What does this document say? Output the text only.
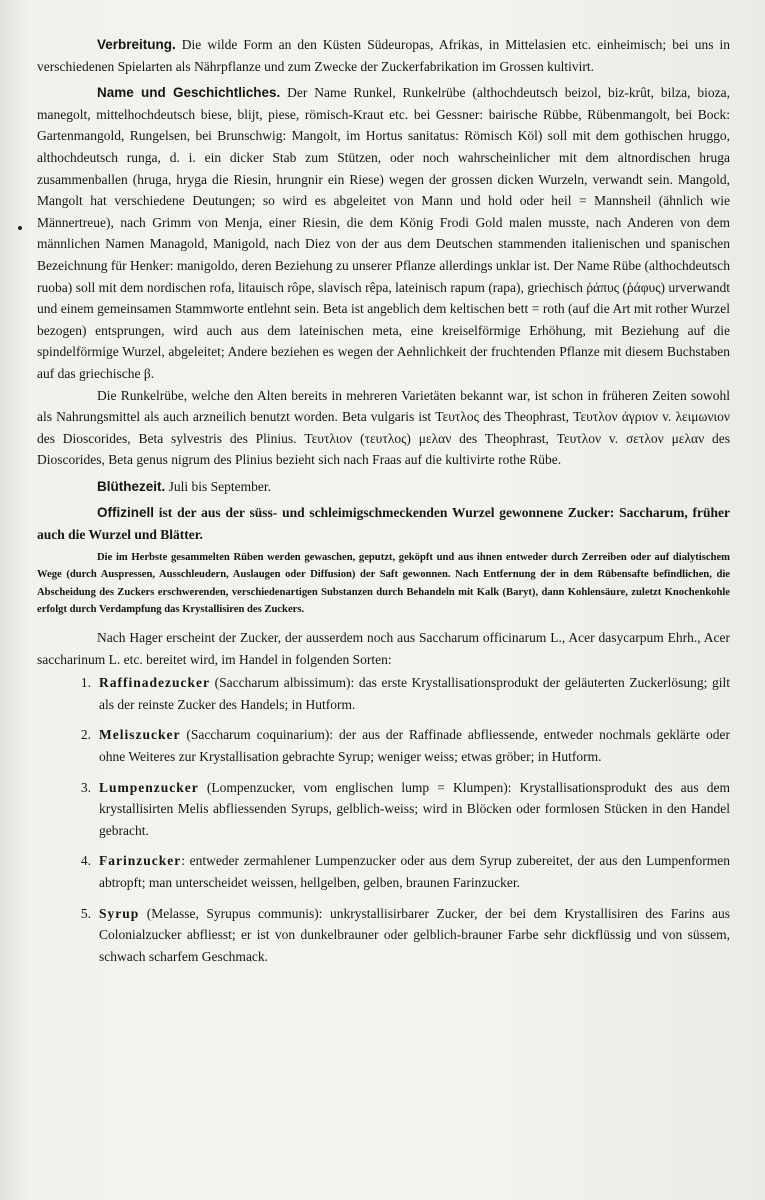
Verbreitung. Die wilde Form an den Küsten Südeuropas, Afrikas, in Mittelasien etc. einheimisch; bei uns in verschiedenen Spielarten als Nährpflanze und zum Zwecke der Zuckerfabrikation im Grossen kultivirt.

Name und Geschichtliches. Der Name Runkel, Runkelrübe (althochdeutsch beizol, biz-krût, bilza, bioza, manegolt, mittelhochdeutsch biese, blijt, piese, römisch-Kraut etc. bei Gessner: bairische Rübbe, Rübenmangolt, bei Bock: Gartenmangold, Rungelsen, bei Brunschwig: Mangolt, im Hortus sanitatus: Römisch Köl) soll mit dem gothischen hruggo, althochdeutsch runga, d. i. ein dicker Stab zum Stützen, oder noch wahrscheinlicher mit dem altnordischen hruga zusammenballen (hruga, hryga die Riesin, hrungnir ein Riese) wegen der grossen dicken Wurzeln, verwandt sein. Mangold, Mangolt hat verschiedene Deutungen; so wird es abgeleitet von Mann und hold oder heil = Mannsheil (ähnlich wie Männertreue), nach Grimm von Menja, einer Riesin, die dem König Frodi Gold malen musste, nach Anderen von dem männlichen Namen Managold, Manigold, nach Diez von der aus dem Deutschen stammenden italienischen und spanischen Bezeichnung für Henker: manigoldo, deren Beziehung zu unserer Pflanze allerdings unklar ist. Der Name Rübe (althochdeutsch ruoba) soll mit dem nordischen rofa, litauisch rôpe, slavisch rêpa, lateinisch rapum (rapa), griechisch ῥάπυς (ῥάφυς) urverwandt und einem gemeinsamen Stammworte entlehnt sein. Beta ist angeblich dem keltischen bett = roth (auf die Art mit rother Wurzel bezogen) entsprungen, wird auch aus dem lateinischen meta, eine kreiselförmige Erhöhung, mit Beziehung auf die spindelförmige Wurzel, abgeleitet; Andere beziehen es wegen der Aehnlichkeit der fruchtenden Pflanze mit diesem Buchstaben auf das griechische β.

Die Runkelrübe, welche den Alten bereits in mehreren Varietäten bekannt war, ist schon in früheren Zeiten sowohl als Nahrungsmittel als auch arzneilich benutzt worden. Beta vulgaris ist Τευτλος des Theophrast, Τευτλον άγριον v. λειμωνιον des Dioscorides, Beta sylvestris des Plinius. Τευτλιον (τευτλος) μελαν des Theophrast, Τευτλον v. σετλον μελαν des Dioscorides, Beta genus nigrum des Plinius bezieht sich nach Fraas auf die kultivirte rothe Rübe.

Blüthezeit. Juli bis September.

Offizinell ist der aus der süss- und schleimigschmeckenden Wurzel gewonnene Zucker: Saccharum, früher auch die Wurzel und Blätter.

Die im Herbste gesammelten Rüben werden gewaschen, geputzt, geköpft und aus ihnen entweder durch Zerreiben oder auf dialytischem Wege (durch Auspressen, Ausschleudern, Auslaugen oder Diffusion) der Saft gewonnen. Nach Entfernung der in dem Rübensafte befindlichen, die Abscheidung des Zuckers erschwerenden, verschiedenartigen Substanzen durch Behandeln mit Kalk (Baryt), dann Kohlensäure, zuletzt Knochenkohle erfolgt durch Verdampfung das Krystallisiren des Zuckers.

Nach Hager erscheint der Zucker, der ausserdem noch aus Saccharum officinarum L., Acer dasycarpum Ehrh., Acer saccharinum L. etc. bereitet wird, im Handel in folgenden Sorten:

1. Raffinadezucker (Saccharum albissimum): das erste Krystallisationsprodukt der geläuterten Zuckerlösung; gilt als der reinste Zucker des Handels; in Hutform.
2. Meliszucker (Saccharum coquinarium): der aus der Raffinade abfliessende, entweder nochmals geklärte oder ohne Weiteres zur Krystallisation gebrachte Syrup; weniger weiss; etwas gröber; in Hutform.
3. Lumpenzucker (Lompenzucker, vom englischen lump = Klumpen): Krystallisationsprodukt des aus dem krystallisirten Melis abfliessenden Syrups, gelblich-weiss; wird in Blöcken oder formlosen Stücken in den Handel gebracht.
4. Farinzucker: entweder zermahlener Lumpenzucker oder aus dem Syrup zubereitet, der aus den Lumpenformen abtropft; man unterscheidet weissen, hellgelben, gelben, braunen Farinzucker.
5. Syrup (Melasse, Syrupus communis): unkrystallisirbarer Zucker, der bei dem Krystallisiren des Farins aus Colonialzucker abfliesst; er ist von dunkelbrauner oder gelblich-brauner Farbe sehr dickflüssig und von süssem, schwach scharfem Geschmack.
